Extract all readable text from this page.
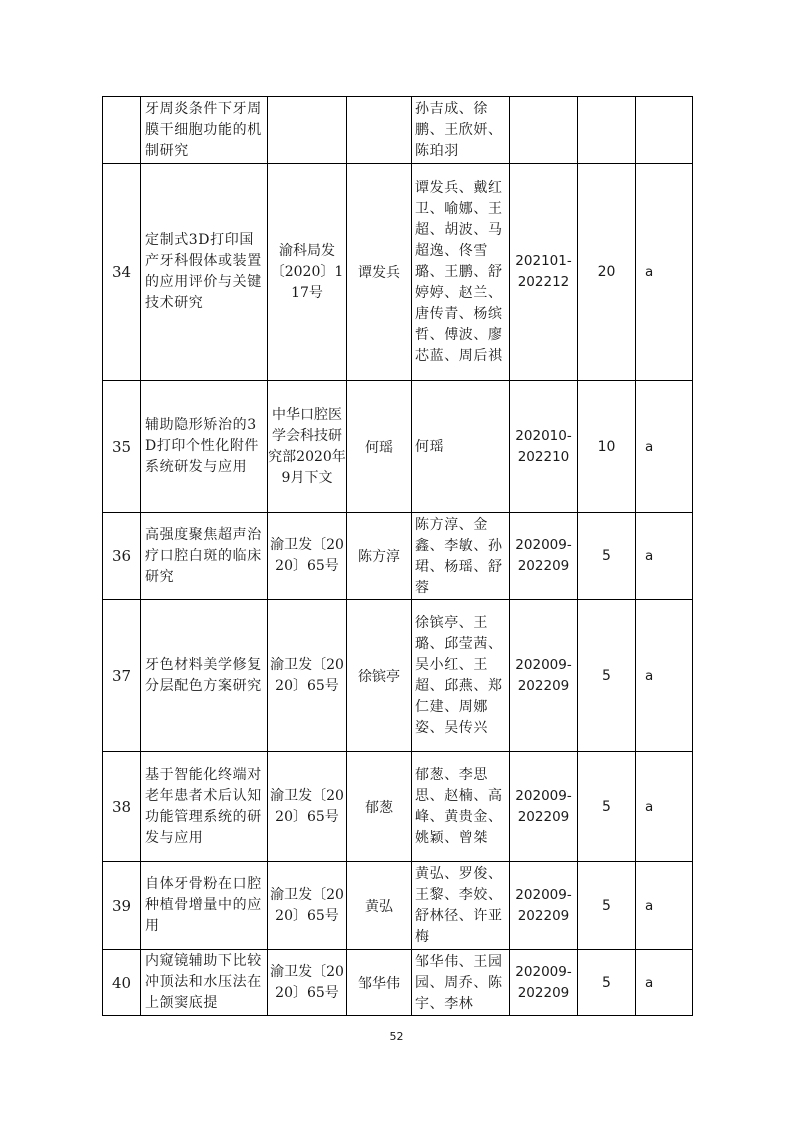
	牙周炎条件下牙周膜干细胞功能的机制研究			孙吉成、徐鹏、王欣妍、陈珀羽			

34	定制式3D打印国产牙科假体或装置的应用评价与关键技术研究	渝科局发〔2020〕117号	谭发兵	谭发兵、戴红卫、喻娜、王超、胡波、马超逸、佟雪璐、王鹏、舒婷婷、赵兰、唐传青、杨缤哲、傅波、廖芯蓝、周后祺	202101-202212	20	a
35	辅助隐形矫治的3D打印个性化附件系统研发与应用	中华口腔医学会科技研究部2020年9月下文	何瑶	何瑶	202010-202210	10	a
36	高强度聚焦超声治疗口腔白斑的临床研究	渝卫发〔2020〕65号	陈方淳	陈方淳、金鑫、李敏、孙珺、杨瑶、舒蓉	202009-202209	5	a
37	牙色材料美学修复分层配色方案研究	渝卫发〔2020〕65号	徐镔亭	徐镔亭、王璐、邱莹茜、吴小红、王超、邱燕、郑仁建、周娜姿、吴传兴	202009-202209	5	a
38	基于智能化终端对老年患者术后认知功能管理系统的研发与应用	渝卫发〔2020〕65号	郁葱	郁葱、李思思、赵楠、高峰、黄贵金、姚颖、曾桀	202009-202209	5	a
39	自体牙骨粉在口腔种植骨增量中的应用	渝卫发〔2020〕65号	黄弘	黄弘、罗俊、王黎、李姣、舒林径、许亚梅	202009-202209	5	a
40	内窥镜辅助下比较冲顶法和水压法在上颌窦底提	渝卫发〔2020〕65号	邹华伟	邹华伟、王园园、周乔、陈宇、李林	202009-202209	5	a
52
